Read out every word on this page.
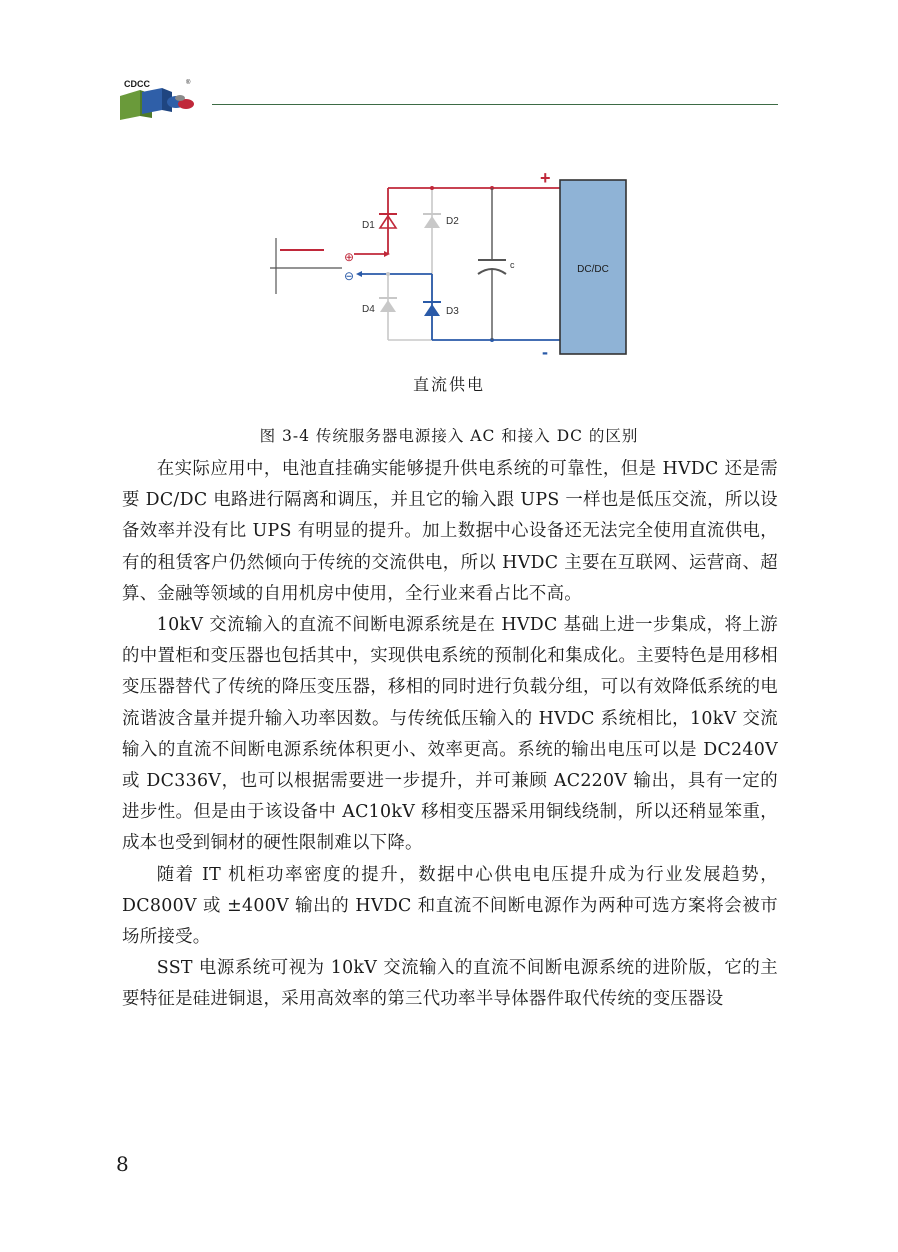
CDCC	®
⊕
⊖
D2
D4
D1
+
D3
-
c	DC/DC
直流供电
图 3-4 传统服务器电源接入 AC 和接入 DC 的区别

在实际应用中，电池直挂确实能够提升供电系统的可靠性，但是 HVDC 还是需要 DC/DC 电路进行隔离和调压，并且它的输入跟 UPS 一样也是低压交流，所以设备效率并没有比 UPS 有明显的提升。加上数据中心设备还无法完全使用直流供电，有的租赁客户仍然倾向于传统的交流供电，所以 HVDC 主要在互联网、运营商、超算、金融等领域的自用机房中使用，全行业来看占比不高。

10kV 交流输入的直流不间断电源系统是在 HVDC 基础上进一步集成，将上游的中置柜和变压器也包括其中，实现供电系统的预制化和集成化。主要特色是用移相变压器替代了传统的降压变压器，移相的同时进行负载分组，可以有效降低系统的电流谐波含量并提升输入功率因数。与传统低压输入的 HVDC 系统相比，10kV 交流输入的直流不间断电源系统体积更小、效率更高。系统的输出电压可以是 DC240V 或 DC336V，也可以根据需要进一步提升，并可兼顾 AC220V 输出，具有一定的进步性。但是由于该设备中 AC10kV 移相变压器采用铜线绕制，所以还稍显笨重，成本也受到铜材的硬性限制难以下降。

随着 IT 机柜功率密度的提升，数据中心供电电压提升成为行业发展趋势，DC800V 或 ±400V 输出的 HVDC 和直流不间断电源作为两种可选方案将会被市场所接受。

SST 电源系统可视为 10kV 交流输入的直流不间断电源系统的进阶版，它的主要特征是硅进铜退，采用高效率的第三代功率半导体器件取代传统的变压器设

8
